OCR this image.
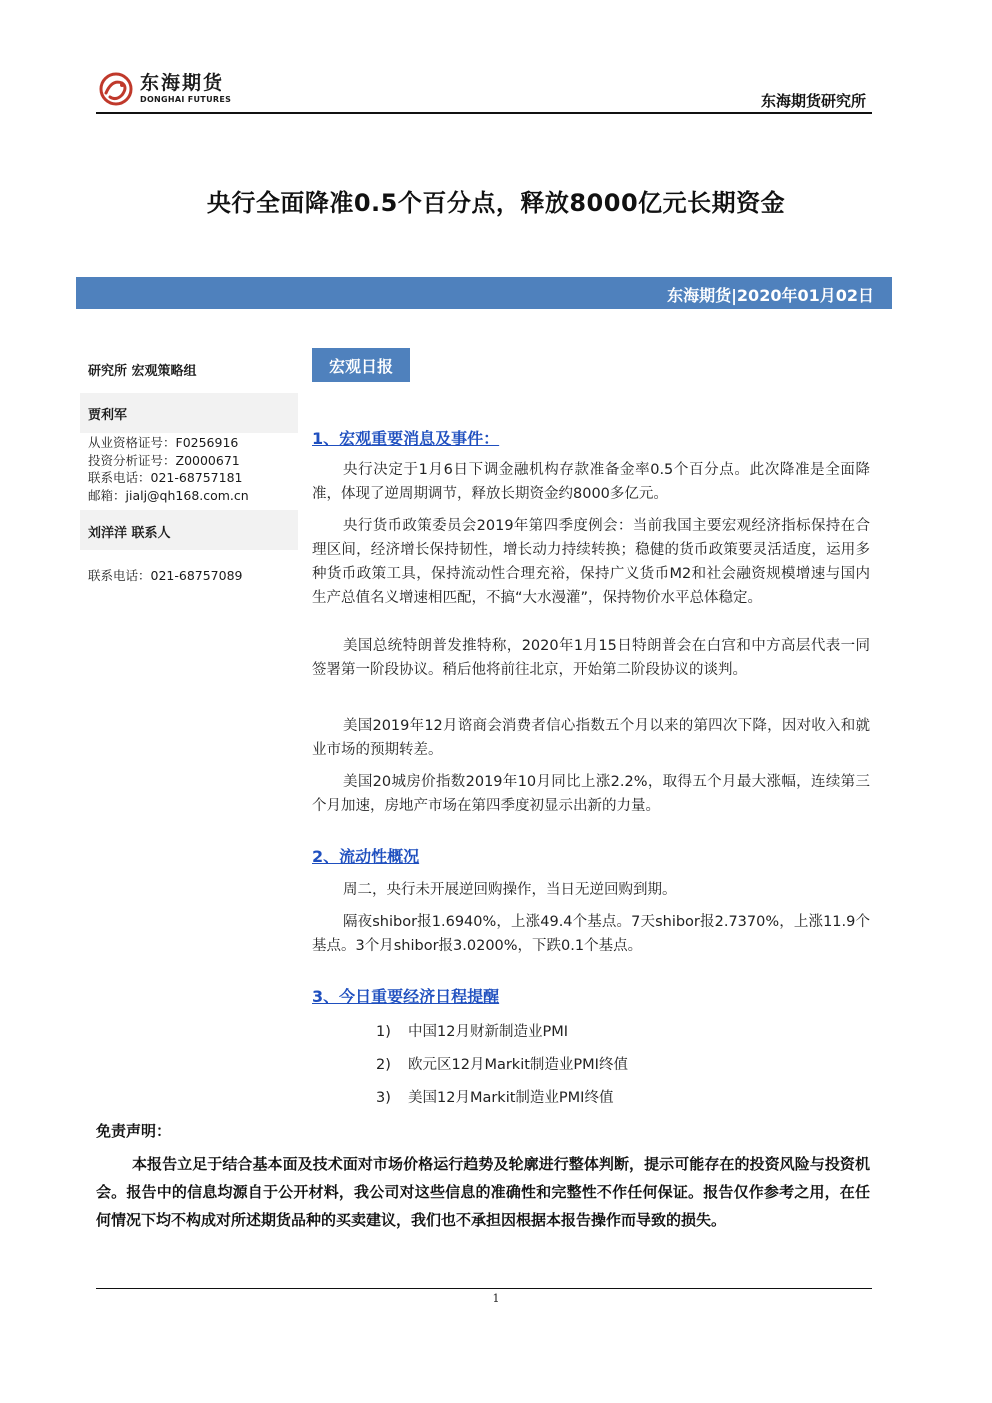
东海期货
DONGHAI FUTURES	东海期货研究所
央行全面降准0.5个百分点，释放8000亿元长期资金
东海期货|2020年01月02日
研究所 宏观策略组
贾利军
从业资格证号：F0256916
投资分析证号：Z0000671
联系电话：021-68757181
邮箱：jialj@qh168.com.cn
刘洋洋 联系人
联系电话：021-68757089
宏观日报
1、宏观重要消息及事件：
央行决定于1月6日下调金融机构存款准备金率0.5个百分点。此次降准是全面降准，体现了逆周期调节，释放长期资金约8000多亿元。
央行货币政策委员会2019年第四季度例会：当前我国主要宏观经济指标保持在合理区间，经济增长保持韧性，增长动力持续转换；稳健的货币政策要灵活适度，运用多种货币政策工具，保持流动性合理充裕，保持广义货币M2和社会融资规模增速与国内生产总值名义增速相匹配，不搞“大水漫灌”，保持物价水平总体稳定。
美国总统特朗普发推特称，2020年1月15日特朗普会在白宫和中方高层代表一同签署第一阶段协议。稍后他将前往北京，开始第二阶段协议的谈判。
美国2019年12月谘商会消费者信心指数五个月以来的第四次下降，因对收入和就业市场的预期转差。
美国20城房价指数2019年10月同比上涨2.2%，取得五个月最大涨幅，连续第三个月加速，房地产市场在第四季度初显示出新的力量。
2、流动性概况
周二，央行未开展逆回购操作，当日无逆回购到期。
隔夜shibor报1.6940%，上涨49.4个基点。7天shibor报2.7370%，上涨11.9个基点。3个月shibor报3.0200%，下跌0.1个基点。
3、今日重要经济日程提醒
1) 中国12月财新制造业PMI
2) 欧元区12月Markit制造业PMI终值
3) 美国12月Markit制造业PMI终值
免责声明：
本报告立足于结合基本面及技术面对市场价格运行趋势及轮廓进行整体判断，提示可能存在的投资风险与投资机会。报告中的信息均源自于公开材料，我公司对这些信息的准确性和完整性不作任何保证。报告仅作参考之用，在任何情况下均不构成对所述期货品种的买卖建议，我们也不承担因根据本报告操作而导致的损失。
1
